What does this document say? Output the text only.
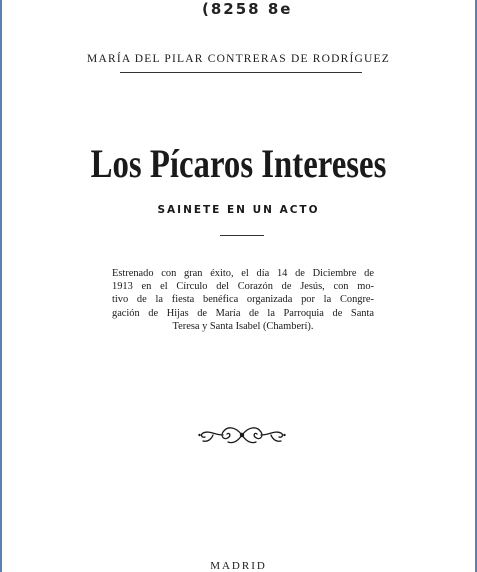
(8258 8e
MARÍA DEL PILAR CONTRERAS DE RODRÍGUEZ
Los Pícaros Intereses
SAINETE EN UN ACTO
Estrenado con gran éxito, el día 14 de Diciembre de
1913 en el Círculo del Corazón de Jesús, con mo-
tivo de la fiesta benéfica organizada por la Congre-
gación de Hijas de María de la Parroquia de Santa
Teresa y Santa Isabel (Chamberí).
MADRID
